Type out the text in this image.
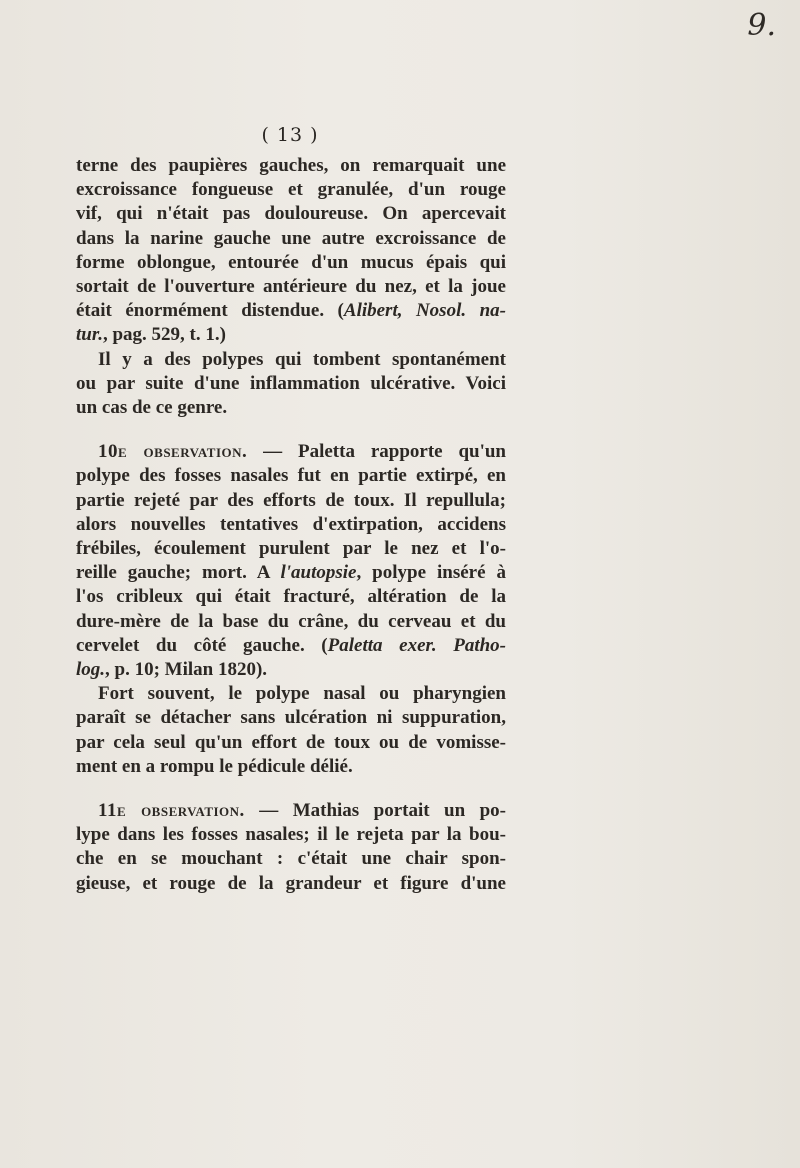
9.
( 13 )
terne des paupières gauches, on remarquait une
excroissance fongueuse et granulée, d'un rouge
vif, qui n'était pas douloureuse. On apercevait
dans la narine gauche une autre excroissance de
forme oblongue, entourée d'un mucus épais qui
sortait de l'ouverture antérieure du nez, et la joue
était énormément distendue. (Alibert, Nosol. na-
tur., pag. 529, t. 1.)
Il y a des polypes qui tombent spontanément
ou par suite d'une inflammation ulcérative. Voici
un cas de ce genre.
10e observation. — Paletta rapporte qu'un
polype des fosses nasales fut en partie extirpé, en
partie rejeté par des efforts de toux. Il repullula;
alors nouvelles tentatives d'extirpation, accidens
frébiles, écoulement purulent par le nez et l'o-
reille gauche; mort. A l'autopsie, polype inséré à
l'os cribleux qui était fracturé, altération de la
dure-mère de la base du crâne, du cerveau et du
cervelet du côté gauche. (Paletta exer. Patho-
log., p. 10; Milan 1820).
Fort souvent, le polype nasal ou pharyngien
paraît se détacher sans ulcération ni suppuration,
par cela seul qu'un effort de toux ou de vomisse-
ment en a rompu le pédicule délié.
11e observation. — Mathias portait un po-
lype dans les fosses nasales; il le rejeta par la bou-
che en se mouchant : c'était une chair spon-
gieuse, et rouge de la grandeur et figure d'une
